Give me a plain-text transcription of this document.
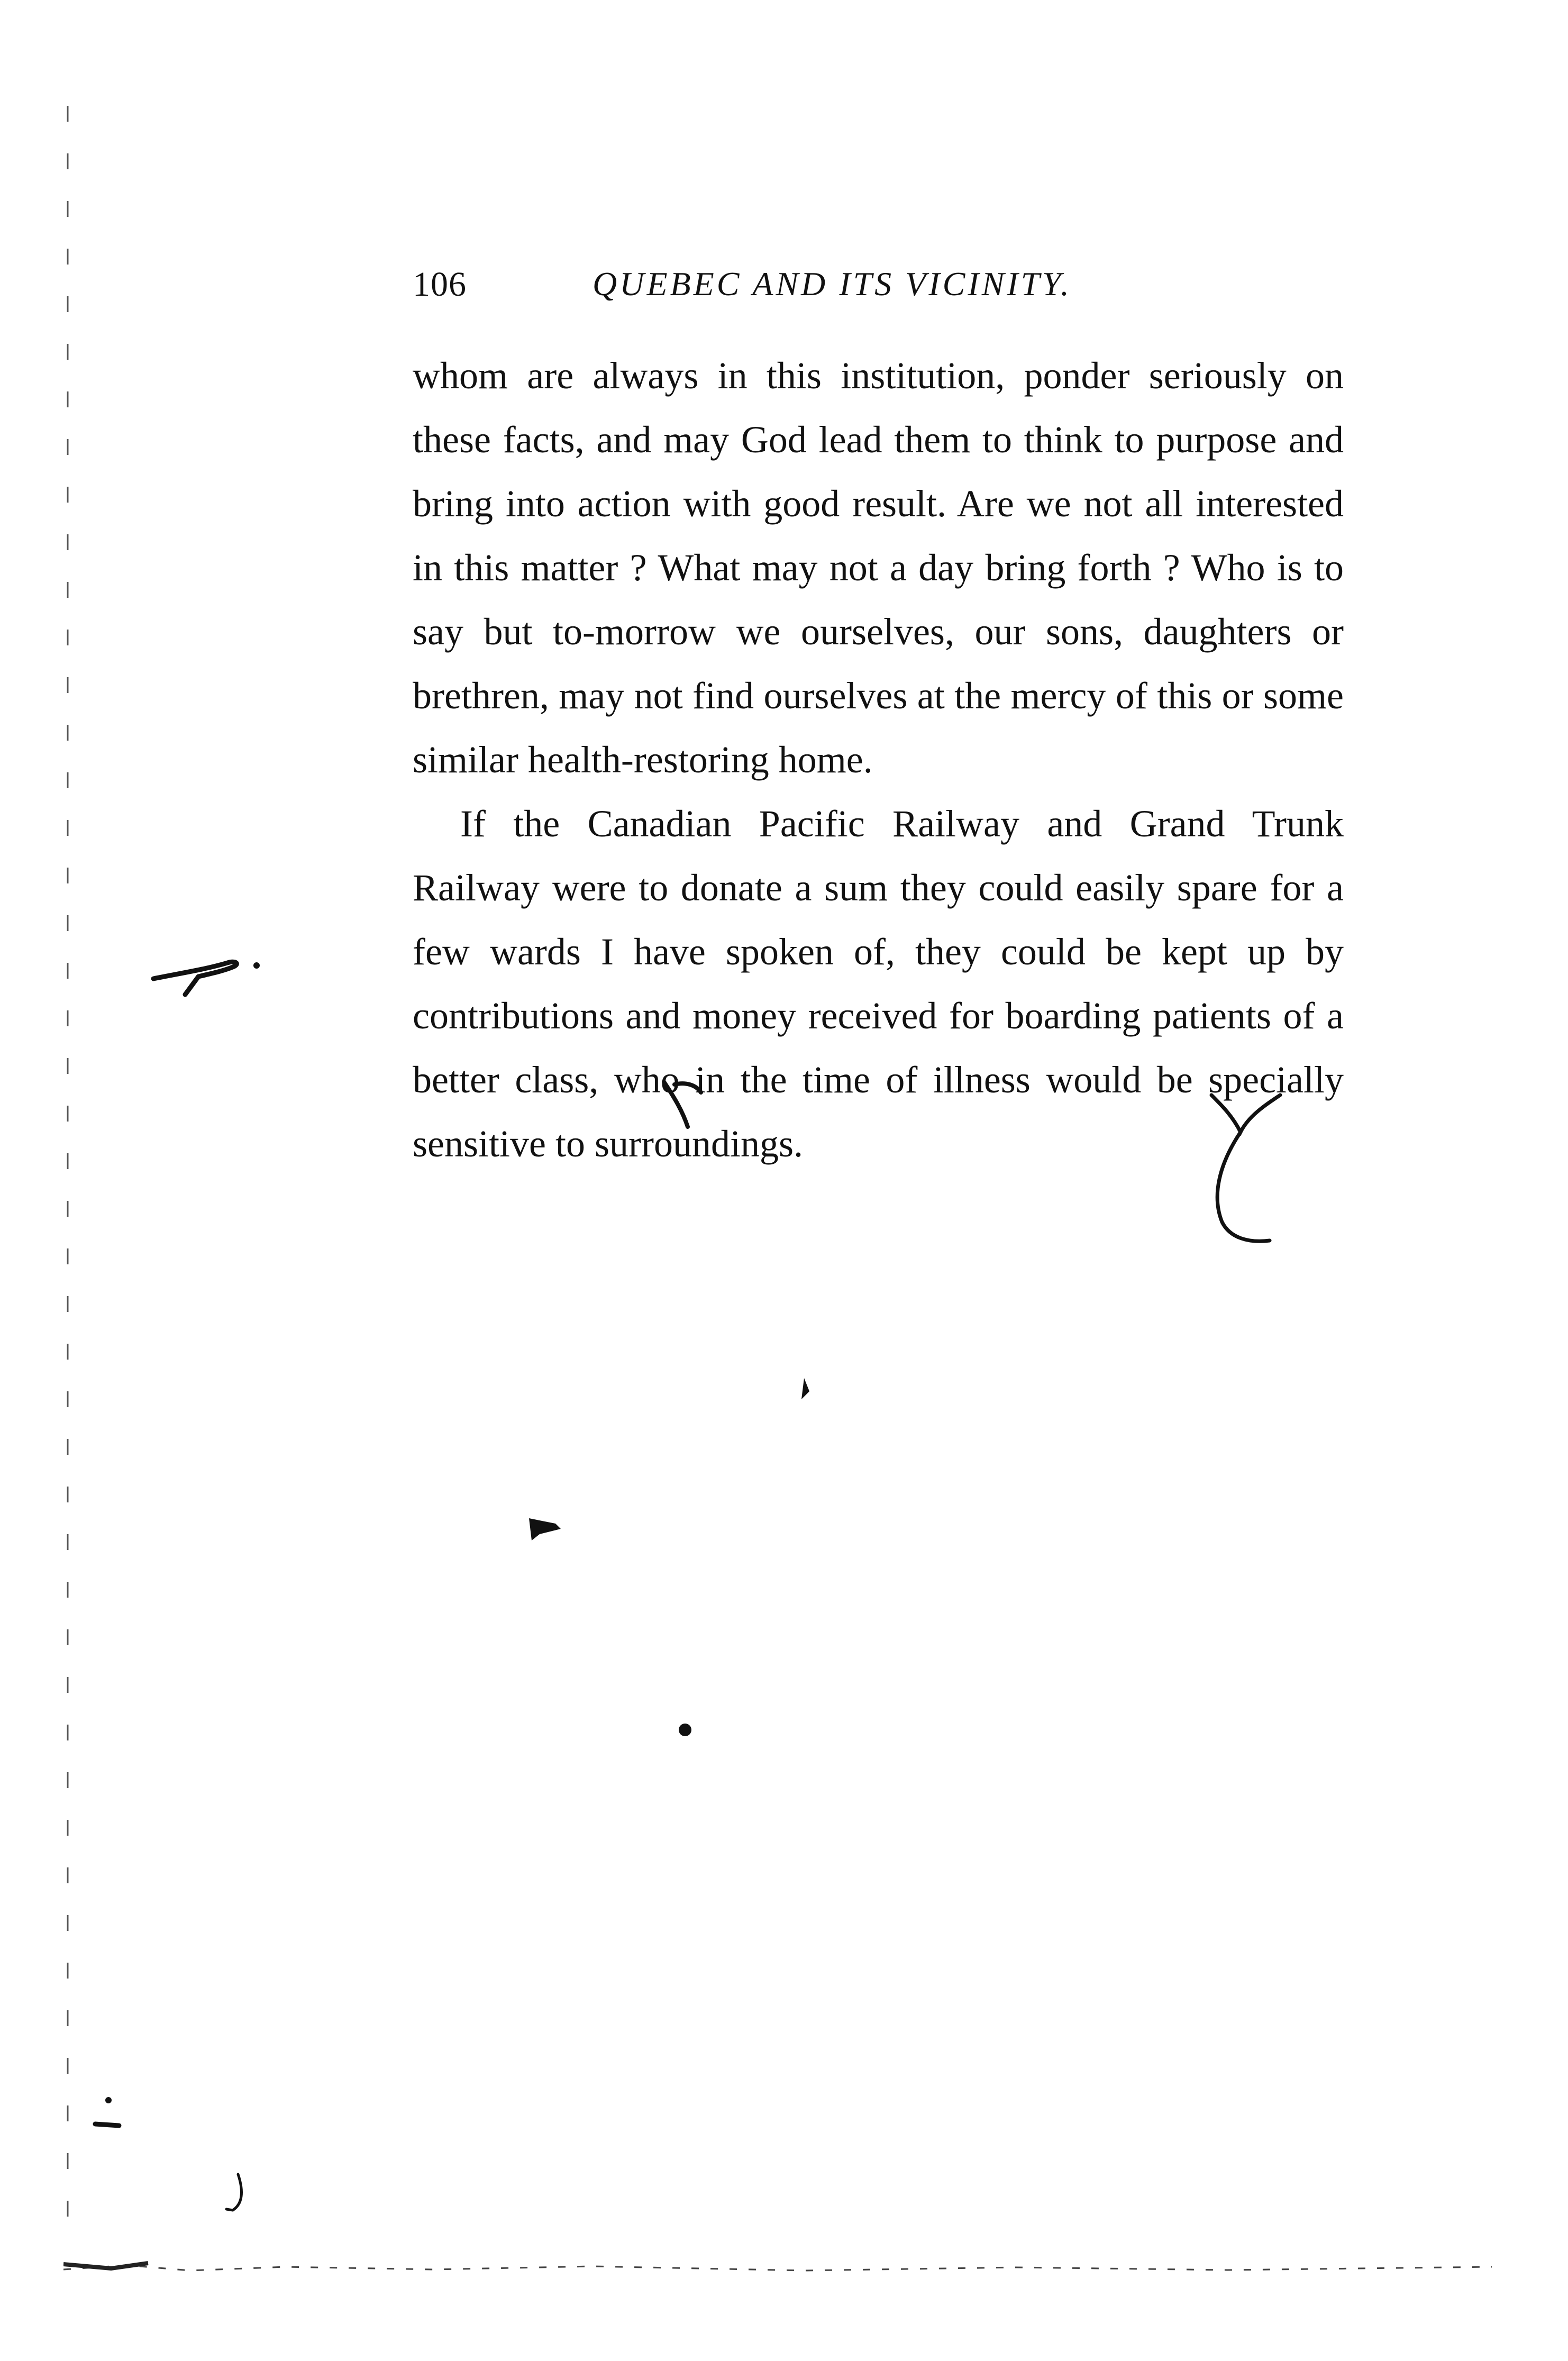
106	QUEBEC AND ITS VICINITY.

whom are always in this institution, ponder seriously on these facts, and may God lead them to think to purpose and bring into action with good result. Are we not all interested in this matter ? What may not a day bring forth ? Who is to say but to-morrow we ourselves, our sons, daughters or brethren, may not find ourselves at the mercy of this or some similar health-restoring home.

If the Canadian Pacific Railway and Grand Trunk Railway were to donate a sum they could easily spare for a few wards I have spoken of, they could be kept up by contributions and money received for boarding patients of a better class, who in the time of illness would be specially sensitive to surroundings.
